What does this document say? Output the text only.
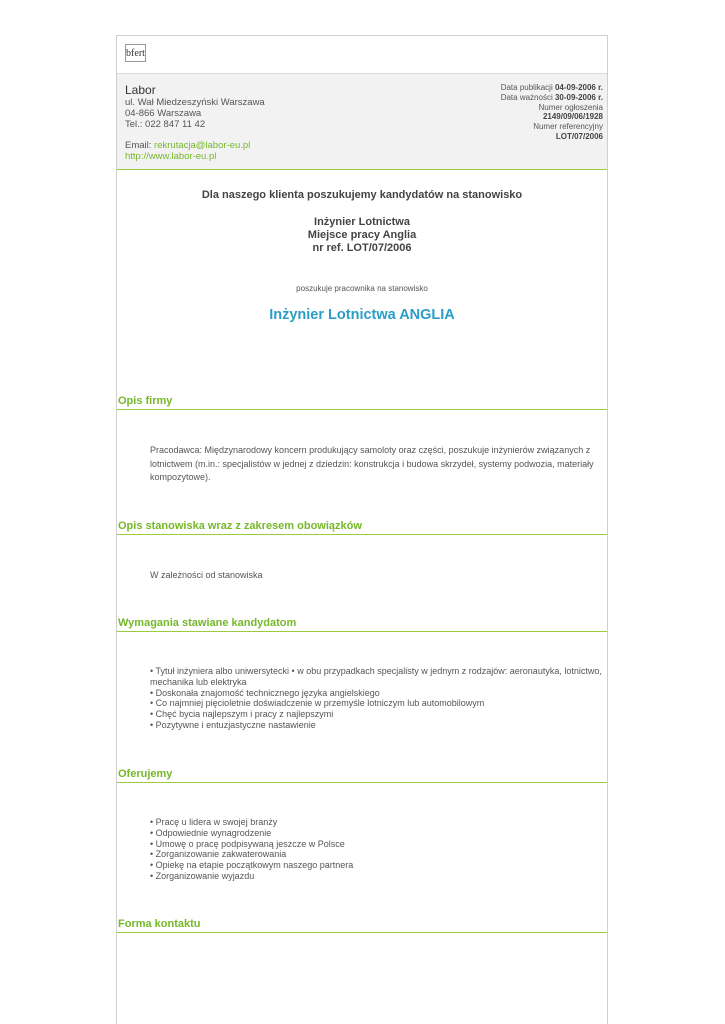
bfert
Labor
ul. Wał Miedzeszyński Warszawa
04-866 Warszawa
Tel.: 022 847 11 42
Email: rekrutacja@labor-eu.pl
http://www.labor-eu.pl
Data publikacji 04-09-2006 r.
Data ważności 30-09-2006 r.
Numer ogłoszenia
2149/09/06/1928
Numer referencyjny
LOT/07/2006
Dla naszego klienta poszukujemy kandydatów na stanowisko
Inżynier Lotnictwa
Miejsce pracy Anglia
nr ref. LOT/07/2006
poszukuje pracownika na stanowisko
Inżynier Lotnictwa ANGLIA
Opis firmy
Pracodawca: Międzynarodowy koncern produkujący samoloty oraz części, poszukuje inżynierów związanych z lotnictwem (m.in.: specjalistów w jednej z dziedzin: konstrukcja i budowa skrzydeł, systemy podwozia, materiały kompozytowe).
Opis stanowiska wraz z zakresem obowiązków
W zależności od stanowiska
Wymagania stawiane kandydatom
• Tytuł inżyniera albo uniwersytecki • w obu przypadkach specjalisty w jednym z rodzajów: aeronautyka, lotnictwo, mechanika lub elektryka
• Doskonała znajomość technicznego języka angielskiego
• Co najmniej pięcioletnie doświadczenie w przemyśle lotniczym lub automobilowym
• Chęć bycia najlepszym i pracy z najlepszymi
• Pozytywne i entuzjastyczne nastawienie
Oferujemy
• Pracę u lidera w swojej branży
• Odpowiednie wynagrodzenie
• Umowę o pracę podpisywaną jeszcze w Polsce
• Zorganizowanie zakwaterowania
• Opiekę na etapie początkowym naszego partnera
• Zorganizowanie wyjazdu
Forma kontaktu
